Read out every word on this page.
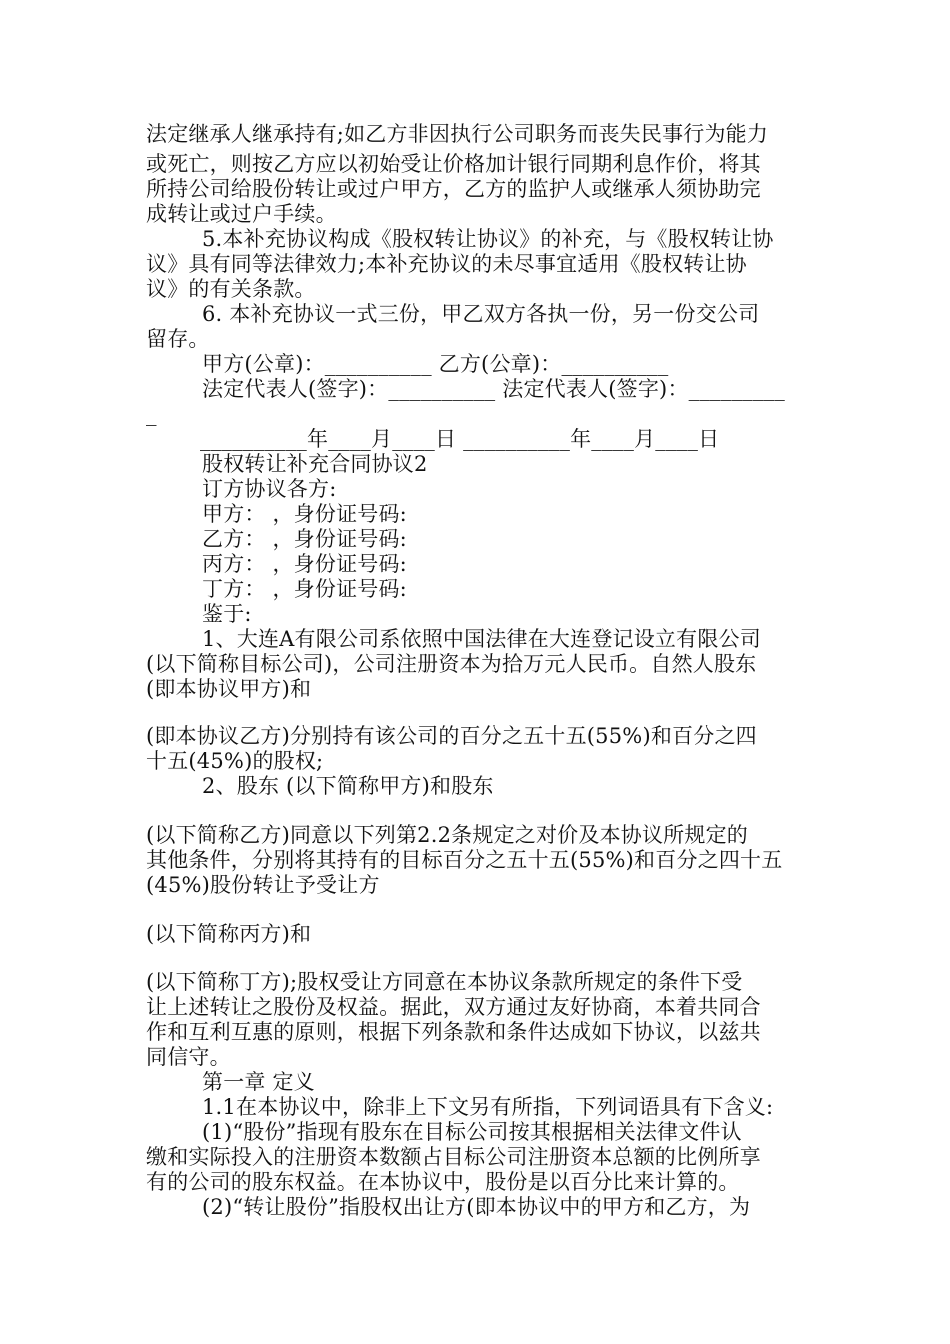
法定继承人继承持有;如乙方非因执行公司职务而丧失民事行为能力
或死亡，则按乙方应以初始受让价格加计银行同期利息作价，将其
所持公司给股份转让或过户甲方，乙方的监护人或继承人须协助完
成转让或过户手续。
5.本补充协议构成《股权转让协议》的补充，与《股权转让协
议》具有同等法律效力;本补充协议的未尽事宜适用《股权转让协
议》的有关条款。
6. 本补充协议一式三份，甲乙双方各执一份，另一份交公司
留存。
甲方(公章)：__________ 乙方(公章)：__________
法定代表人(签字)：__________ 法定代表人(签字)：_________
_
__________年____月____日 __________年____月____日
股权转让补充合同协议2
订方协议各方:
甲方： ，身份证号码:
乙方： ，身份证号码:
丙方： ，身份证号码:
丁方： ，身份证号码:
鉴于:
1、大连A有限公司系依照中国法律在大连登记设立有限公司
(以下简称目标公司)，公司注册资本为拾万元人民币。自然人股东
(即本协议甲方)和
(即本协议乙方)分别持有该公司的百分之五十五(55%)和百分之四
十五(45%)的股权;
2、股东 (以下简称甲方)和股东
(以下简称乙方)同意以下列第2.2条规定之对价及本协议所规定的
其他条件，分别将其持有的目标百分之五十五(55%)和百分之四十五
(45%)股份转让予受让方
(以下简称丙方)和
(以下简称丁方);股权受让方同意在本协议条款所规定的条件下受
让上述转让之股份及权益。据此，双方通过友好协商，本着共同合
作和互利互惠的原则，根据下列条款和条件达成如下协议，以兹共
同信守。
第一章 定义
1.1在本协议中，除非上下文另有所指，下列词语具有下含义:
(1)“股份”指现有股东在目标公司按其根据相关法律文件认
缴和实际投入的注册资本数额占目标公司注册资本总额的比例所享
有的公司的股东权益。在本协议中，股份是以百分比来计算的。
(2)“转让股份”指股权出让方(即本协议中的甲方和乙方，为
